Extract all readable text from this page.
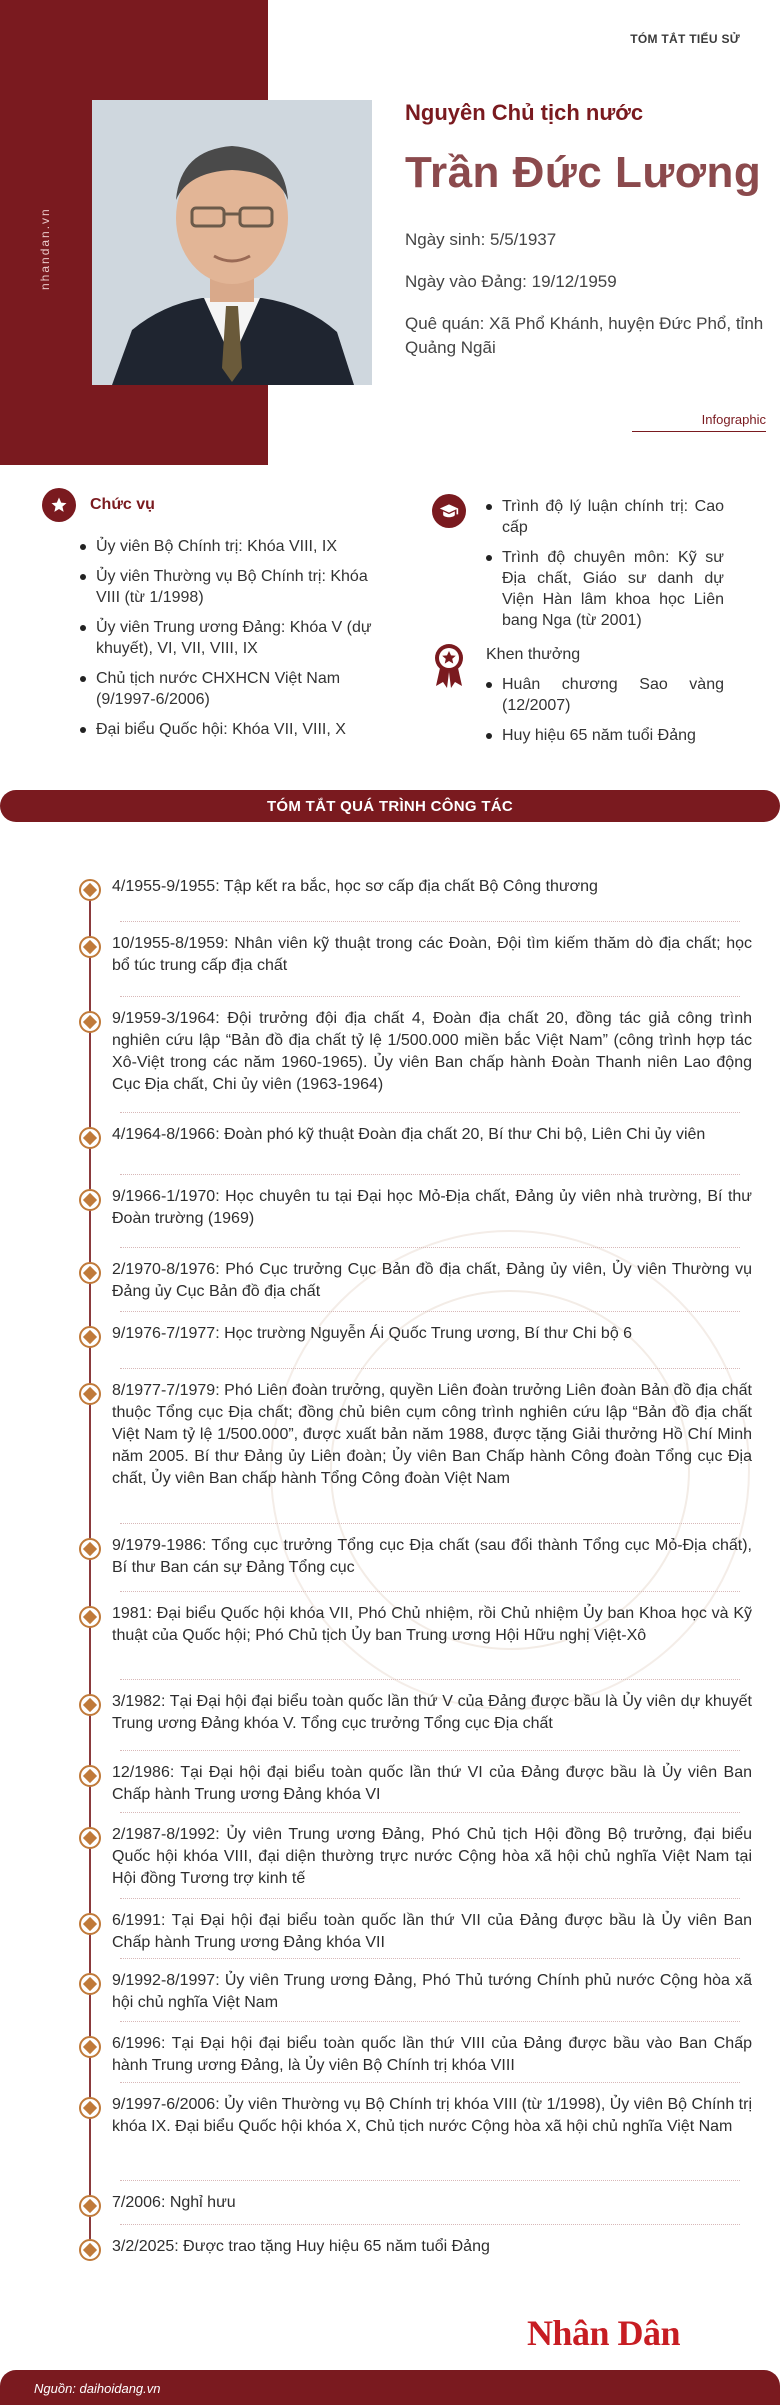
nhandan.vn
TÓM TẮT TIỂU SỬ
Nguyên Chủ tịch nước
Trần Đức Lương
Ngày sinh: 5/5/1937
Ngày vào Đảng: 19/12/1959
Quê quán: Xã Phổ Khánh, huyện Đức Phổ, tỉnh Quảng Ngãi
Infographic
Chức vụ
Ủy viên Bộ Chính trị: Khóa VIII, IX
Ủy viên Thường vụ Bộ Chính trị: Khóa VIII (từ 1/1998)
Ủy viên Trung ương Đảng: Khóa V (dự khuyết), VI, VII, VIII, IX
Chủ tịch nước CHXHCN Việt Nam (9/1997-6/2006)
Đại biểu Quốc hội: Khóa VII, VIII, X
Trình độ lý luận chính trị: Cao cấp
Trình độ chuyên môn: Kỹ sư Địa chất, Giáo sư danh dự Viện Hàn lâm khoa học Liên bang Nga (từ 2001)
Khen thưởng
Huân chương Sao vàng (12/2007)
Huy hiệu 65 năm tuổi Đảng
TÓM TẮT QUÁ TRÌNH CÔNG TÁC
4/1955-9/1955: Tập kết ra bắc, học sơ cấp địa chất Bộ Công thương
10/1955-8/1959: Nhân viên kỹ thuật trong các Đoàn, Đội tìm kiếm thăm dò địa chất; học bổ túc trung cấp địa chất
9/1959-3/1964: Đội trưởng đội địa chất 4, Đoàn địa chất 20, đồng tác giả công trình nghiên cứu lập “Bản đồ địa chất tỷ lệ 1/500.000 miền bắc Việt Nam” (công trình hợp tác Xô-Việt trong các năm 1960-1965). Ủy viên Ban chấp hành Đoàn Thanh niên Lao động Cục Địa chất, Chi ủy viên (1963-1964)
4/1964-8/1966: Đoàn phó kỹ thuật Đoàn địa chất 20, Bí thư Chi bộ, Liên Chi ủy viên
9/1966-1/1970: Học chuyên tu tại Đại học Mỏ-Địa chất, Đảng ủy viên nhà trường, Bí thư Đoàn trường (1969)
2/1970-8/1976: Phó Cục trưởng Cục Bản đồ địa chất, Đảng ủy viên, Ủy viên Thường vụ Đảng ủy Cục Bản đồ địa chất
9/1976-7/1977: Học trường Nguyễn Ái Quốc Trung ương, Bí thư Chi bộ 6
8/1977-7/1979: Phó Liên đoàn trưởng, quyền Liên đoàn trưởng Liên đoàn Bản đồ địa chất thuộc Tổng cục Địa chất; đồng chủ biên cụm công trình nghiên cứu lập “Bản đồ địa chất Việt Nam tỷ lệ 1/500.000”, được xuất bản năm 1988, được tặng Giải thưởng Hồ Chí Minh năm 2005. Bí thư Đảng ủy Liên đoàn; Ủy viên Ban Chấp hành Công đoàn Tổng cục Địa chất, Ủy viên Ban chấp hành Tổng Công đoàn Việt Nam
9/1979-1986: Tổng cục trưởng Tổng cục Địa chất (sau đổi thành Tổng cục Mỏ-Địa chất), Bí thư Ban cán sự Đảng Tổng cục
1981: Đại biểu Quốc hội khóa VII, Phó Chủ nhiệm, rồi Chủ nhiệm Ủy ban Khoa học và Kỹ thuật của Quốc hội; Phó Chủ tịch Ủy ban Trung ương Hội Hữu nghị Việt-Xô
3/1982: Tại Đại hội đại biểu toàn quốc lần thứ V của Đảng được bầu là Ủy viên dự khuyết Trung ương Đảng khóa V. Tổng cục trưởng Tổng cục Địa chất
12/1986: Tại Đại hội đại biểu toàn quốc lần thứ VI của Đảng được bầu là Ủy viên Ban Chấp hành Trung ương Đảng khóa VI
2/1987-8/1992: Ủy viên Trung ương Đảng, Phó Chủ tịch Hội đồng Bộ trưởng, đại biểu Quốc hội khóa VIII, đại diện thường trực nước Cộng hòa xã hội chủ nghĩa Việt Nam tại Hội đồng Tương trợ kinh tế
6/1991: Tại Đại hội đại biểu toàn quốc lần thứ VII của Đảng được bầu là Ủy viên Ban Chấp hành Trung ương Đảng khóa VII
9/1992-8/1997: Ủy viên Trung ương Đảng, Phó Thủ tướng Chính phủ nước Cộng hòa xã hội chủ nghĩa Việt Nam
6/1996: Tại Đại hội đại biểu toàn quốc lần thứ VIII của Đảng được bầu vào Ban Chấp hành Trung ương Đảng, là Ủy viên Bộ Chính trị khóa VIII
9/1997-6/2006: Ủy viên Thường vụ Bộ Chính trị khóa VIII (từ 1/1998), Ủy viên Bộ Chính trị khóa IX. Đại biểu Quốc hội khóa X, Chủ tịch nước Cộng hòa xã hội chủ nghĩa Việt Nam
7/2006: Nghỉ hưu
3/2/2025: Được trao tặng Huy hiệu 65 năm tuổi Đảng
Nhân Dân
Nguồn: daihoidang.vn
